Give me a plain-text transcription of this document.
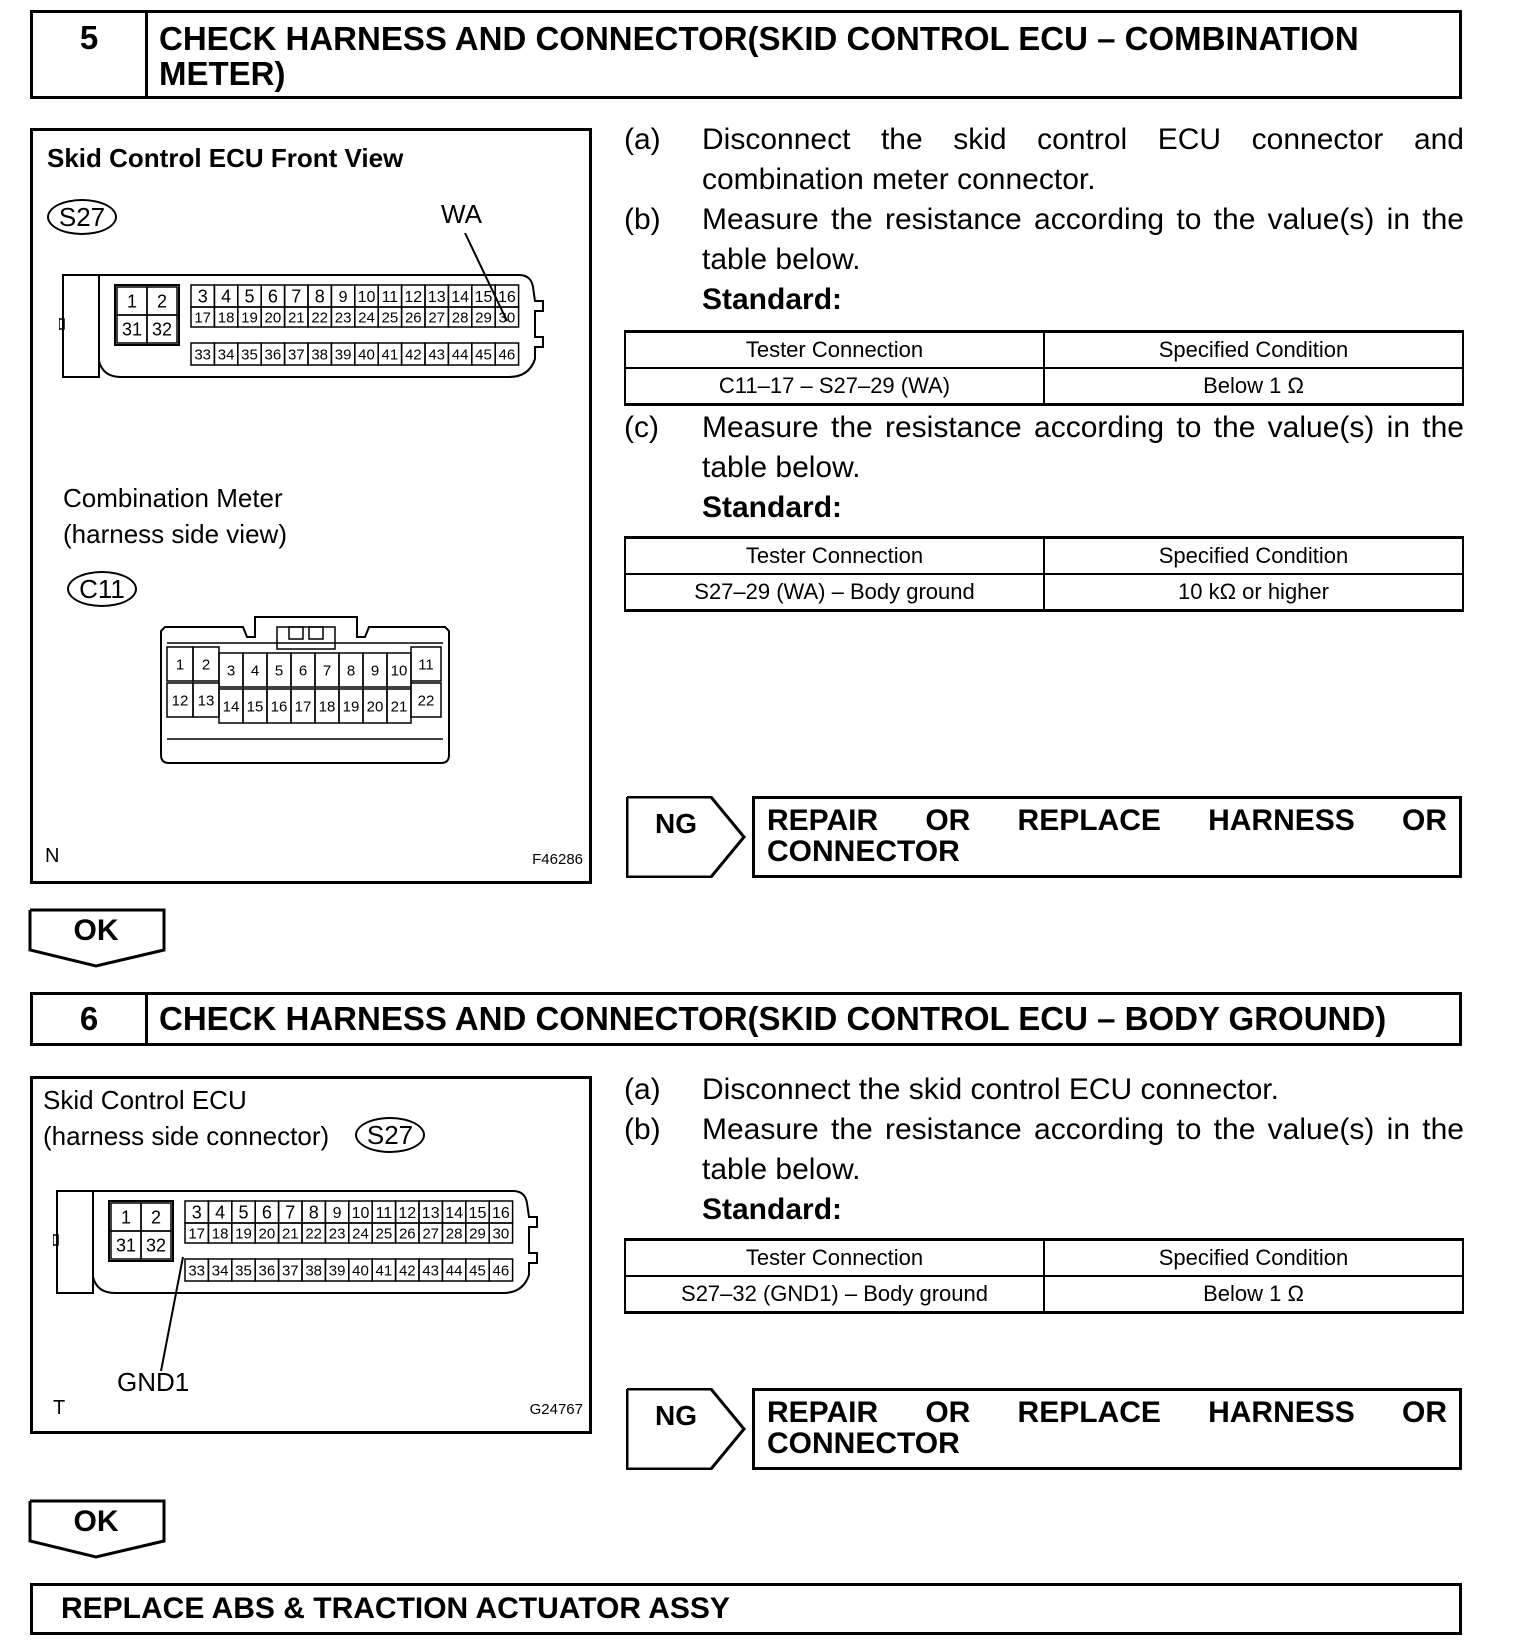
5	CHECK HARNESS AND CONNECTOR(SKID CONTROL ECU – COMBINATION METER)
Skid Control ECU Front View
S27	WA
1 2
31 32
3 4 5 6 7 8 9 10 11 12 13 14 15 16
17 18 19 20 21 22 23 24 25 26 27 28 29 30
33 34 35 36 37 38 39 40 41 42 43 44 45 46
Combination Meter
(harness side view)
C11
1 2 3 4 5 6 7 8 9 10 11
12 13 14 15 16 17 18 19 20 21 22
N	F46286
(a) Disconnect the skid control ECU connector and combination meter connector.
(b) Measure the resistance according to the value(s) in the table below.
Standard:
Tester Connection	Specified Condition
C11–17 – S27–29 (WA)	Below 1 Ω
(c) Measure the resistance according to the value(s) in the table below.
Standard:
Tester Connection	Specified Condition
S27–29 (WA) – Body ground	10 kΩ or higher
NG	REPAIR OR REPLACE HARNESS OR
CONNECTOR
OK
6	CHECK HARNESS AND CONNECTOR(SKID CONTROL ECU – BODY GROUND)
Skid Control ECU
(harness side connector)	S27
1 2
31 32
3 4 5 6 7 8 9 10 11 12 13 14 15 16
17 18 19 20 21 22 23 24 25 26 27 28 29 30
33 34 35 36 37 38 39 40 41 42 43 44 45 46
GND1
T	G24767
(a) Disconnect the skid control ECU connector.
(b) Measure the resistance according to the value(s) in the table below.
Standard:
Tester Connection	Specified Condition
S27–32 (GND1) – Body ground	Below 1 Ω
NG	REPAIR OR REPLACE HARNESS OR
CONNECTOR
OK
REPLACE ABS & TRACTION ACTUATOR ASSY
